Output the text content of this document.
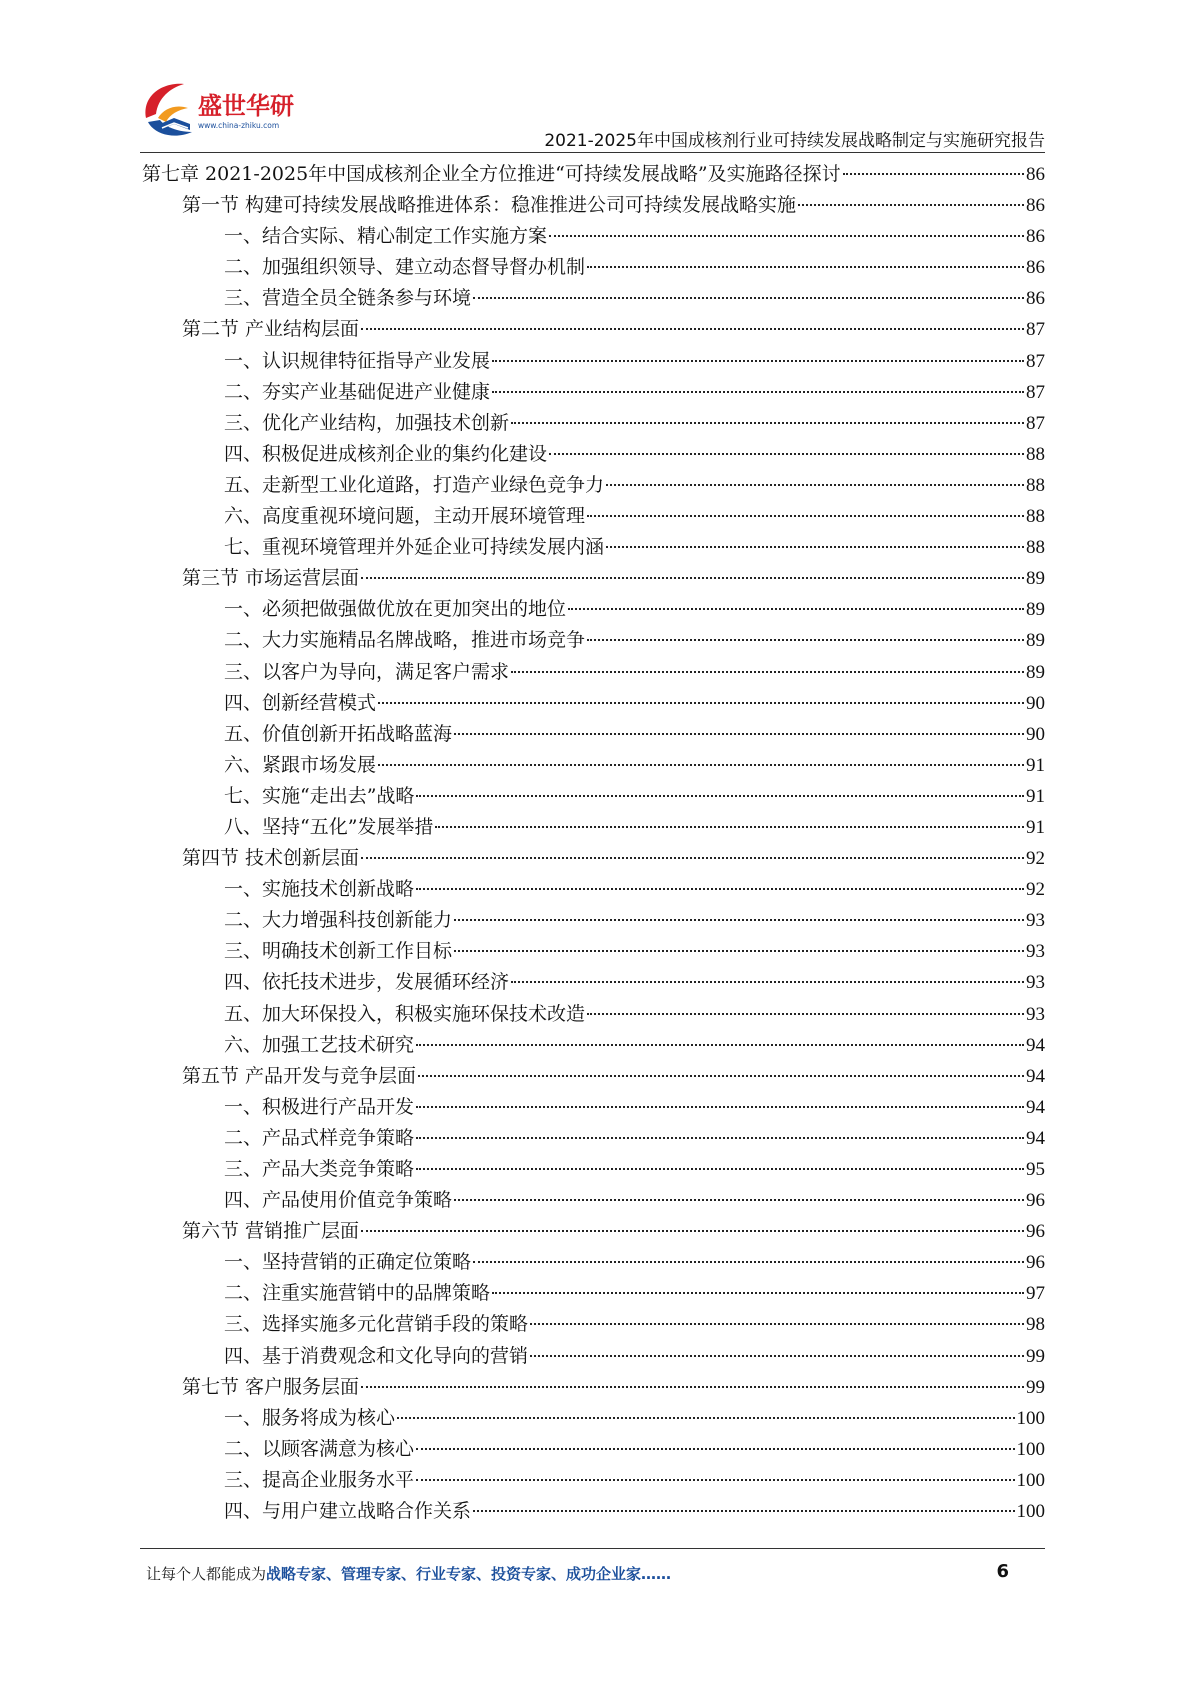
盛世华研
www.china-zhiku.com
2021-2025年中国成核剂行业可持续发展战略制定与实施研究报告
第七章 2021-2025年中国成核剂企业全方位推进“可持续发展战略”及实施路径探讨	86
第一节 构建可持续发展战略推进体系：稳准推进公司可持续发展战略实施	86
一、结合实际、精心制定工作实施方案	86
二、加强组织领导、建立动态督导督办机制	86
三、营造全员全链条参与环境	86
第二节 产业结构层面	87
一、认识规律特征指导产业发展	87
二、夯实产业基础促进产业健康	87
三、优化产业结构，加强技术创新	87
四、积极促进成核剂企业的集约化建设	88
五、走新型工业化道路，打造产业绿色竞争力	88
六、高度重视环境问题，主动开展环境管理	88
七、重视环境管理并外延企业可持续发展内涵	88
第三节 市场运营层面	89
一、必须把做强做优放在更加突出的地位	89
二、大力实施精品名牌战略，推进市场竞争	89
三、以客户为导向，满足客户需求	89
四、创新经营模式	90
五、价值创新开拓战略蓝海	90
六、紧跟市场发展	91
七、实施“走出去”战略	91
八、坚持“五化”发展举措	91
第四节 技术创新层面	92
一、实施技术创新战略	92
二、大力增强科技创新能力	93
三、明确技术创新工作目标	93
四、依托技术进步，发展循环经济	93
五、加大环保投入，积极实施环保技术改造	93
六、加强工艺技术研究	94
第五节 产品开发与竞争层面	94
一、积极进行产品开发	94
二、产品式样竞争策略	94
三、产品大类竞争策略	95
四、产品使用价值竞争策略	96
第六节 营销推广层面	96
一、坚持营销的正确定位策略	96
二、注重实施营销中的品牌策略	97
三、选择实施多元化营销手段的策略	98
四、基于消费观念和文化导向的营销	99
第七节 客户服务层面	99
一、服务将成为核心	100
二、以顾客满意为核心	100
三、提高企业服务水平	100
四、与用户建立战略合作关系	100
让每个人都能成为战略专家、管理专家、行业专家、投资专家、成功企业家……	6
